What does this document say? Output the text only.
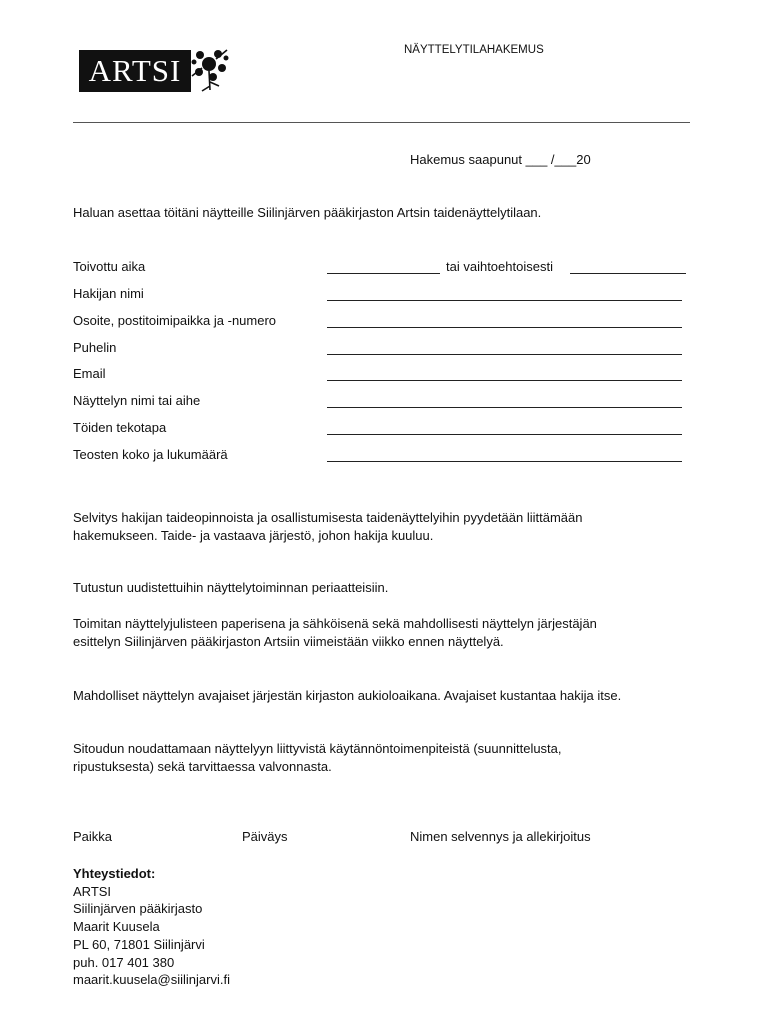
ARTSI
NÄYTTELYTILAHAKEMUS
Hakemus saapunut ___ /___20
Haluan asettaa töitäni näytteille Siilinjärven pääkirjaston Artsin taidenäyttelytilaan.
Toivottu aika	tai vaihtoehtoisesti
Hakijan nimi
Osoite, postitoimipaikka ja -numero
Puhelin
Email
Näyttelyn nimi tai aihe
Töiden tekotapa
Teosten koko ja lukumäärä
Selvitys hakijan taideopinnoista ja osallistumisesta taidenäyttelyihin pyydetään liittämään
hakemukseen. Taide- ja vastaava järjestö, johon hakija kuuluu.
Tutustun uudistettuihin näyttelytoiminnan periaatteisiin.
Toimitan näyttelyjulisteen paperisena ja sähköisenä sekä mahdollisesti näyttelyn järjestäjän
esittelyn Siilinjärven pääkirjaston Artsiin viimeistään viikko ennen näyttelyä.
Mahdolliset näyttelyn avajaiset järjestän kirjaston aukioloaikana. Avajaiset kustantaa hakija itse.
Sitoudun noudattamaan näyttelyyn liittyvistä käytännöntoimenpiteistä (suunnittelusta,
ripustuksesta) sekä tarvittaessa valvonnasta.
Paikka	Päiväys	Nimen selvennys ja allekirjoitus
Yhteystiedot:
ARTSI
Siilinjärven pääkirjasto
Maarit Kuusela
PL 60, 71801 Siilinjärvi
puh. 017 401 380
maarit.kuusela@siilinjarvi.fi
